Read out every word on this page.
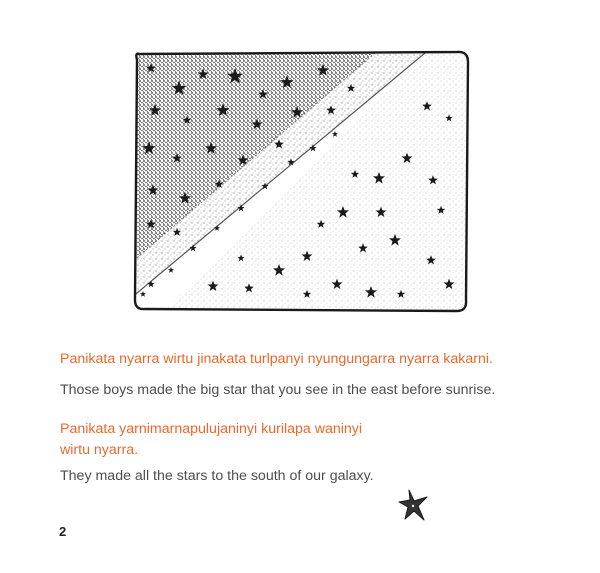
Panikata nyarra wirtu jinakata turlpanyi nyungungarra nyarra kakarni.

Those boys made the big star that you see in the east before sunrise.

Panikata yarnimarnapulujaninyi kurilapa waninyi
wirtu nyarra.

They made all the stars to the south of our galaxy.

2
